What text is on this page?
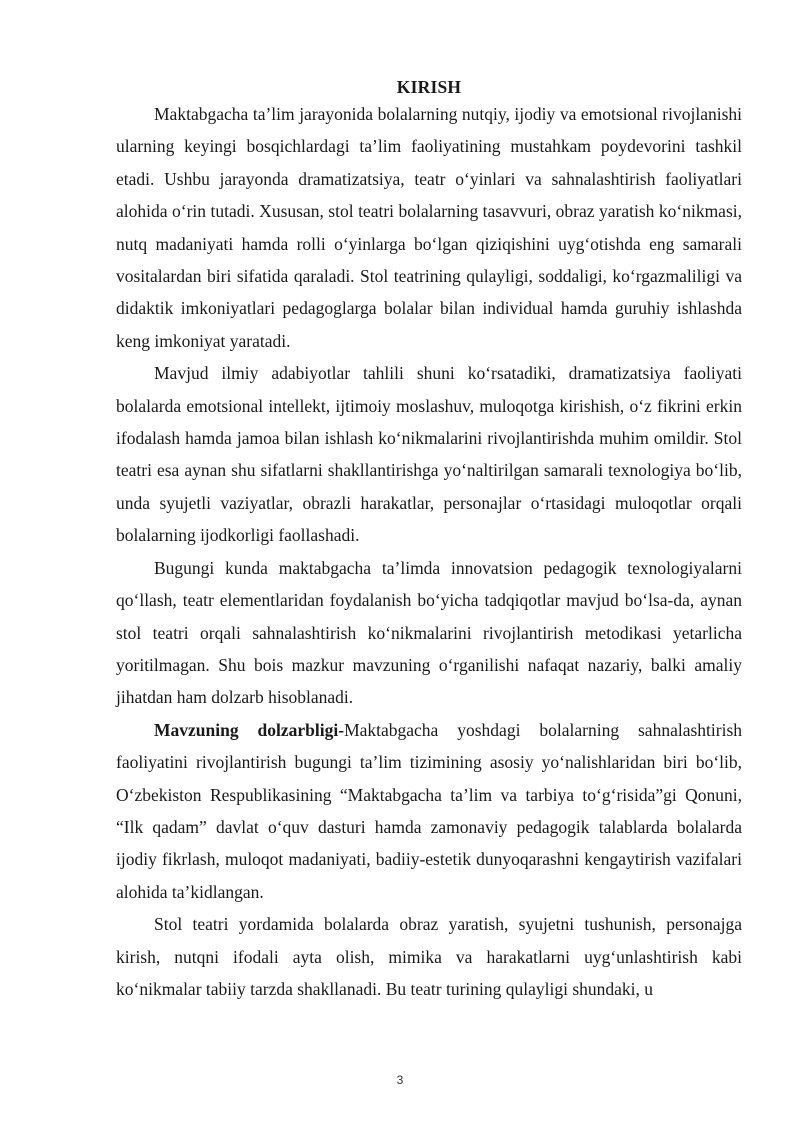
KIRISH

Maktabgacha ta’lim jarayonida bolalarning nutqiy, ijodiy va emotsional rivojlanishi ularning keyingi bosqichlardagi ta’lim faoliyatining mustahkam poydevorini tashkil etadi. Ushbu jarayonda dramatizatsiya, teatr o‘yinlari va sahnalashtirish faoliyatlari alohida o‘rin tutadi. Xususan, stol teatri bolalarning tasavvuri, obraz yaratish ko‘nikmasi, nutq madaniyati hamda rolli o‘yinlarga bo‘lgan qiziqishini uyg‘otishda eng samarali vositalardan biri sifatida qaraladi. Stol teatrining qulayligi, soddaligi, ko‘rgazmaliligi va didaktik imkoniyatlari pedagoglarga bolalar bilan individual hamda guruhiy ishlashda keng imkoniyat yaratadi.

Mavjud ilmiy adabiyotlar tahlili shuni ko‘rsatadiki, dramatizatsiya faoliyati bolalarda emotsional intellekt, ijtimoiy moslashuv, muloqotga kirishish, o‘z fikrini erkin ifodalash hamda jamoa bilan ishlash ko‘nikmalarini rivojlantirishda muhim omildir. Stol teatri esa aynan shu sifatlarni shakllantirishga yo‘naltirilgan samarali texnologiya bo‘lib, unda syujetli vaziyatlar, obrazli harakatlar, personajlar o‘rtasidagi muloqotlar orqali bolalarning ijodkorligi faollashadi.

Bugungi kunda maktabgacha ta’limda innovatsion pedagogik texnologiyalarni qo‘llash, teatr elementlaridan foydalanish bo‘yicha tadqiqotlar mavjud bo‘lsa-da, aynan stol teatri orqali sahnalashtirish ko‘nikmalarini rivojlantirish metodikasi yetarlicha yoritilmagan. Shu bois mazkur mavzuning o‘rganilishi nafaqat nazariy, balki amaliy jihatdan ham dolzarb hisoblanadi.

Mavzuning dolzarbligi-Maktabgacha yoshdagi bolalarning sahnalashtirish faoliyatini rivojlantirish bugungi ta’lim tizimining asosiy yo‘nalishlaridan biri bo‘lib, O‘zbekiston Respublikasining “Maktabgacha ta’lim va tarbiya to‘g‘risida”gi Qonuni, “Ilk qadam” davlat o‘quv dasturi hamda zamonaviy pedagogik talablarda bolalarda ijodiy fikrlash, muloqot madaniyati, badiiy-estetik dunyoqarashni kengaytirish vazifalari alohida ta’kidlangan.

Stol teatri yordamida bolalarda obraz yaratish, syujetni tushunish, personajga kirish, nutqni ifodali ayta olish, mimika va harakatlarni uyg‘unlashtirish kabi ko‘nikmalar tabiiy tarzda shakllanadi. Bu teatr turining qulayligi shundaki, u

3
